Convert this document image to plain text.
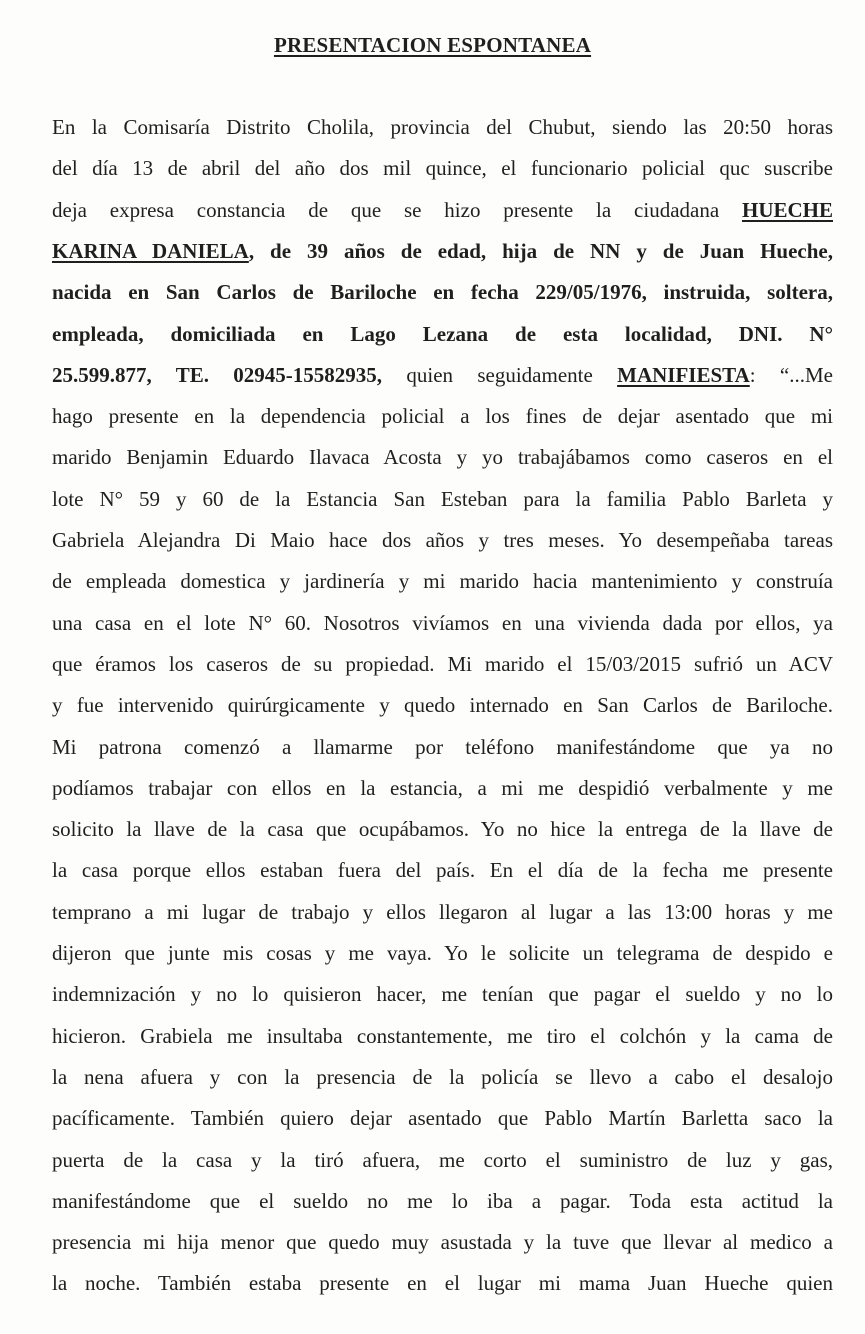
PRESENTACION ESPONTANEA
En la Comisaría Distrito Cholila, provincia del Chubut, siendo las 20:50 horas
del día 13 de abril del año dos mil quince, el funcionario policial quc suscribe
deja expresa constancia de que se hizo presente la ciudadana HUECHE
KARINA DANIELA, de 39 años de edad, hija de NN y de Juan Hueche,
nacida en San Carlos de Bariloche en fecha 229/05/1976, instruida, soltera,
empleada, domiciliada en Lago Lezana de esta localidad, DNI. N°
25.599.877, TE. 02945-15582935, quien seguidamente MANIFIESTA: “...Me
hago presente en la dependencia policial a los fines de dejar asentado que mi
marido Benjamin Eduardo Ilavaca Acosta y yo trabajábamos como caseros en el
lote N° 59 y 60 de la Estancia San Esteban para la familia Pablo Barleta y
Gabriela Alejandra Di Maio hace dos años y tres meses. Yo desempeñaba tareas
de empleada domestica y jardinería y mi marido hacia mantenimiento y construía
una casa en el lote N° 60. Nosotros vivíamos en una vivienda dada por ellos, ya
que éramos los caseros de su propiedad. Mi marido el 15/03/2015 sufrió un ACV
y fue intervenido quirúrgicamente y quedo internado en San Carlos de Bariloche.
Mi patrona comenzó a llamarme por teléfono manifestándome que ya no
podíamos trabajar con ellos en la estancia, a mi me despidió verbalmente y me
solicito la llave de la casa que ocupábamos. Yo no hice la entrega de la llave de
la casa porque ellos estaban fuera del país. En el día de la fecha me presente
temprano a mi lugar de trabajo y ellos llegaron al lugar a las 13:00 horas y me
dijeron que junte mis cosas y me vaya. Yo le solicite un telegrama de despido e
indemnización y no lo quisieron hacer, me tenían que pagar el sueldo y no lo
hicieron. Grabiela me insultaba constantemente, me tiro el colchón y la cama de
la nena afuera y con la presencia de la policía se llevo a cabo el desalojo
pacíficamente. También quiero dejar asentado que Pablo Martín Barletta saco la
puerta de la casa y la tiró afuera, me corto el suministro de luz y gas,
manifestándome que el sueldo no me lo iba a pagar. Toda esta actitud la
presencia mi hija menor que quedo muy asustada y la tuve que llevar al medico a
la noche. También estaba presente en el lugar mi mama Juan Hueche quien
